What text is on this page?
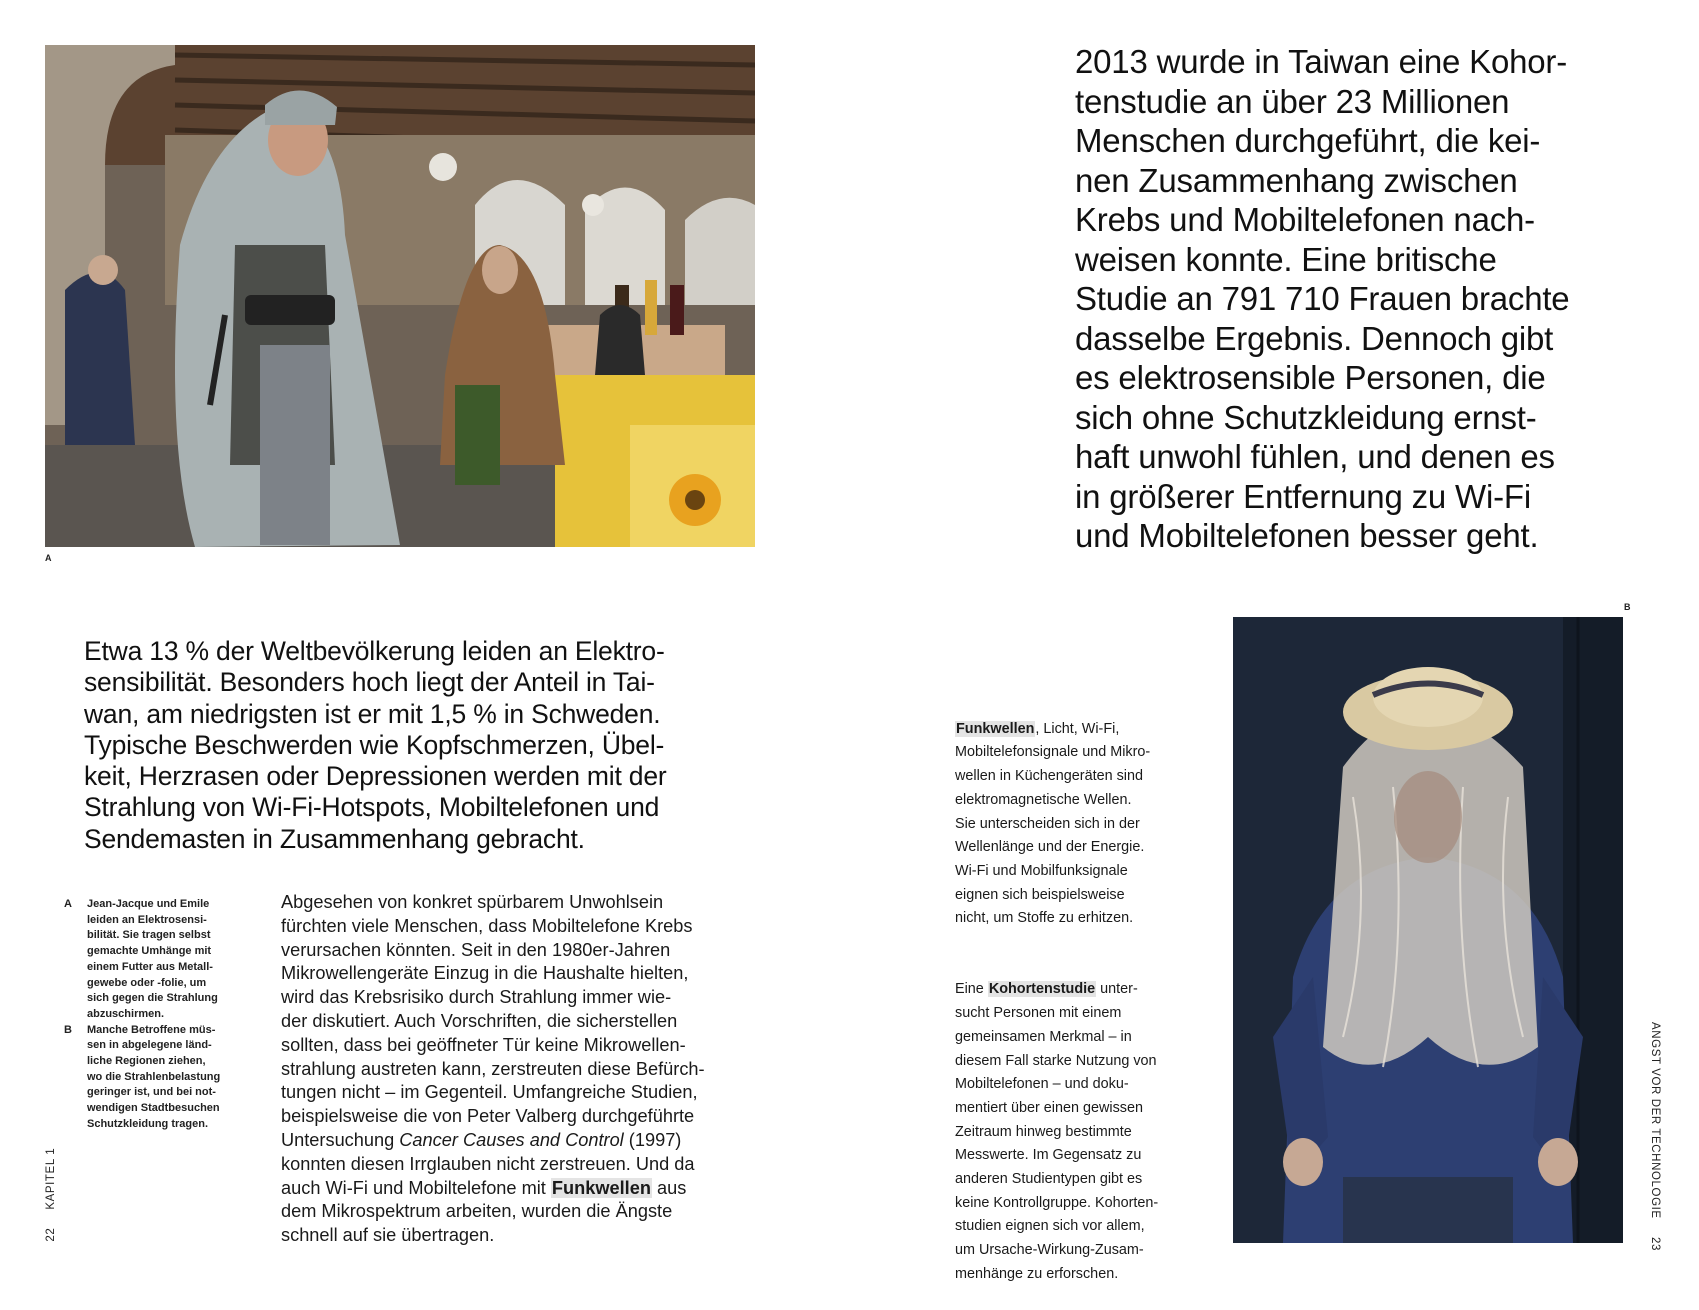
A
2013 wurde in Taiwan eine Kohor-
tenstudie an über 23 Millionen
Menschen durchgeführt, die kei-
nen Zusammenhang zwischen
Krebs und Mobiltelefonen nach-
weisen konnte. Eine britische
Studie an 791 710 Frauen brachte
dasselbe Ergebnis. Dennoch gibt
es elektrosensible Personen, die
sich ohne Schutzkleidung ernst-
haft unwohl fühlen, und denen es
in größerer Entfernung zu Wi-Fi
und Mobiltelefonen besser geht.
Etwa 13 % der Weltbevölkerung leiden an Elektro-
sensibilität. Besonders hoch liegt der Anteil in Tai-
wan, am niedrigsten ist er mit 1,5 % in Schweden.
Typische Beschwerden wie Kopfschmerzen, Übel-
keit, Herzrasen oder Depressionen werden mit der
Strahlung von Wi-Fi-Hotspots, Mobiltelefonen und
Sendemasten in Zusammenhang gebracht.
A	Jean-Jacque und Emile
leiden an Elektrosensi-
bilität. Sie tragen selbst
gemachte Umhänge mit
einem Futter aus Metall-
gewebe oder -folie, um
sich gegen die Strahlung
abzuschirmen.
B	Manche Betroffene müs-
sen in abgelegene länd-
liche Regionen ziehen,
wo die Strahlenbelastung
geringer ist, und bei not-
wendigen Stadtbesuchen
Schutzkleidung tragen.
Abgesehen von konkret spürbarem Unwohlsein
fürchten viele Menschen, dass Mobiltelefone Krebs
verursachen könnten. Seit in den 1980er-Jahren
Mikrowellengeräte Einzug in die Haushalte hielten,
wird das Krebsrisiko durch Strahlung immer wie-
der diskutiert. Auch Vorschriften, die sicherstellen
sollten, dass bei geöffneter Tür keine Mikrowellen-
strahlung austreten kann, zerstreuten diese Befürch-
tungen nicht – im Gegenteil. Umfangreiche Studien,
beispielsweise die von Peter Valberg durchgeführte
Untersuchung Cancer Causes and Control (1997)
konnten diesen Irrglauben nicht zerstreuen. Und da
auch Wi-Fi und Mobiltelefone mit Funkwellen aus
dem Mikrospektrum arbeiten, wurden die Ängste
schnell auf sie übertragen.

Funkwellen, Licht, Wi-Fi,
Mobiltelefonsignale und Mikro-
wellen in Küchengeräten sind
elektromagnetische Wellen.
Sie unterscheiden sich in der
Wellenlänge und der Energie.
Wi-Fi und Mobilfunksignale
eignen sich beispielsweise
nicht, um Stoffe zu erhitzen.

Eine Kohortenstudie unter-
sucht Personen mit einem
gemeinsamen Merkmal – in
diesem Fall starke Nutzung von
Mobiltelefonen – und doku-
mentiert über einen gewissen
Zeitraum hinweg bestimmte
Messwerte. Im Gegensatz zu
anderen Studientypen gibt es
keine Kontrollgruppe. Kohorten-
studien eignen sich vor allem,
um Ursache-Wirkung-Zusam-
menhänge zu erforschen.

B
22 KAPITEL 1	ANGST VOR DER TECHNOLOGIE 23
